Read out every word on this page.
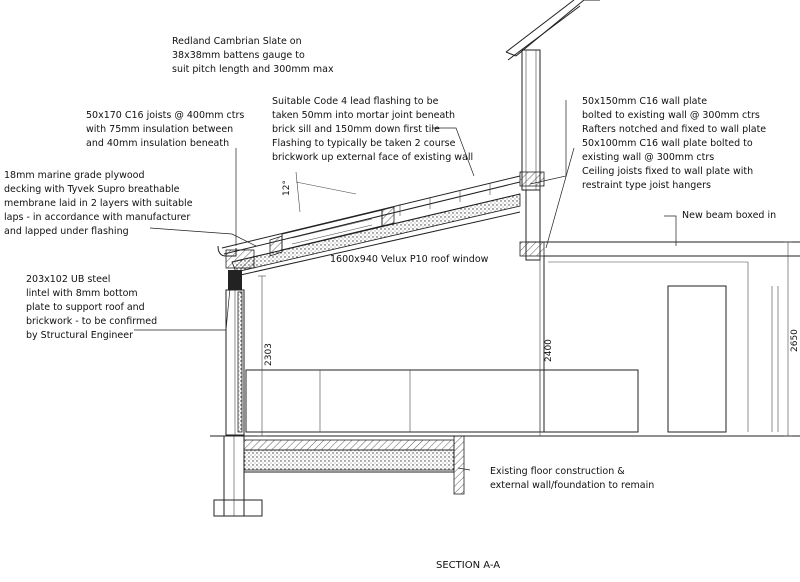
Redland Cambrian Slate on
38x38mm battens gauge to
suit pitch length and 300mm max
50x170 C16 joists @ 400mm ctrs
with 75mm insulation between
and 40mm insulation beneath
Suitable Code 4 lead flashing to be
taken 50mm into mortar joint beneath
brick sill and 150mm down first tile
Flashing to typically be taken 2 course
brickwork up external face of existing wall
50x150mm C16 wall plate
bolted to existing wall @ 300mm ctrs
Rafters notched and fixed to wall plate
50x100mm C16 wall plate bolted to
existing wall @ 300mm ctrs
Ceiling joists fixed to wall plate with
restraint type joist hangers
18mm marine grade plywood
decking with Tyvek Supro breathable
membrane laid in 2 layers with suitable
laps - in accordance with manufacturer
and lapped under flashing
New beam boxed in
203x102 UB steel
lintel with 8mm bottom
plate to support roof and
brickwork - to be confirmed
by Structural Engineer
1600x940 Velux P10 roof window
Existing floor construction &
external wall/foundation to remain
12°
2303	2400	2650
SECTION A-A
